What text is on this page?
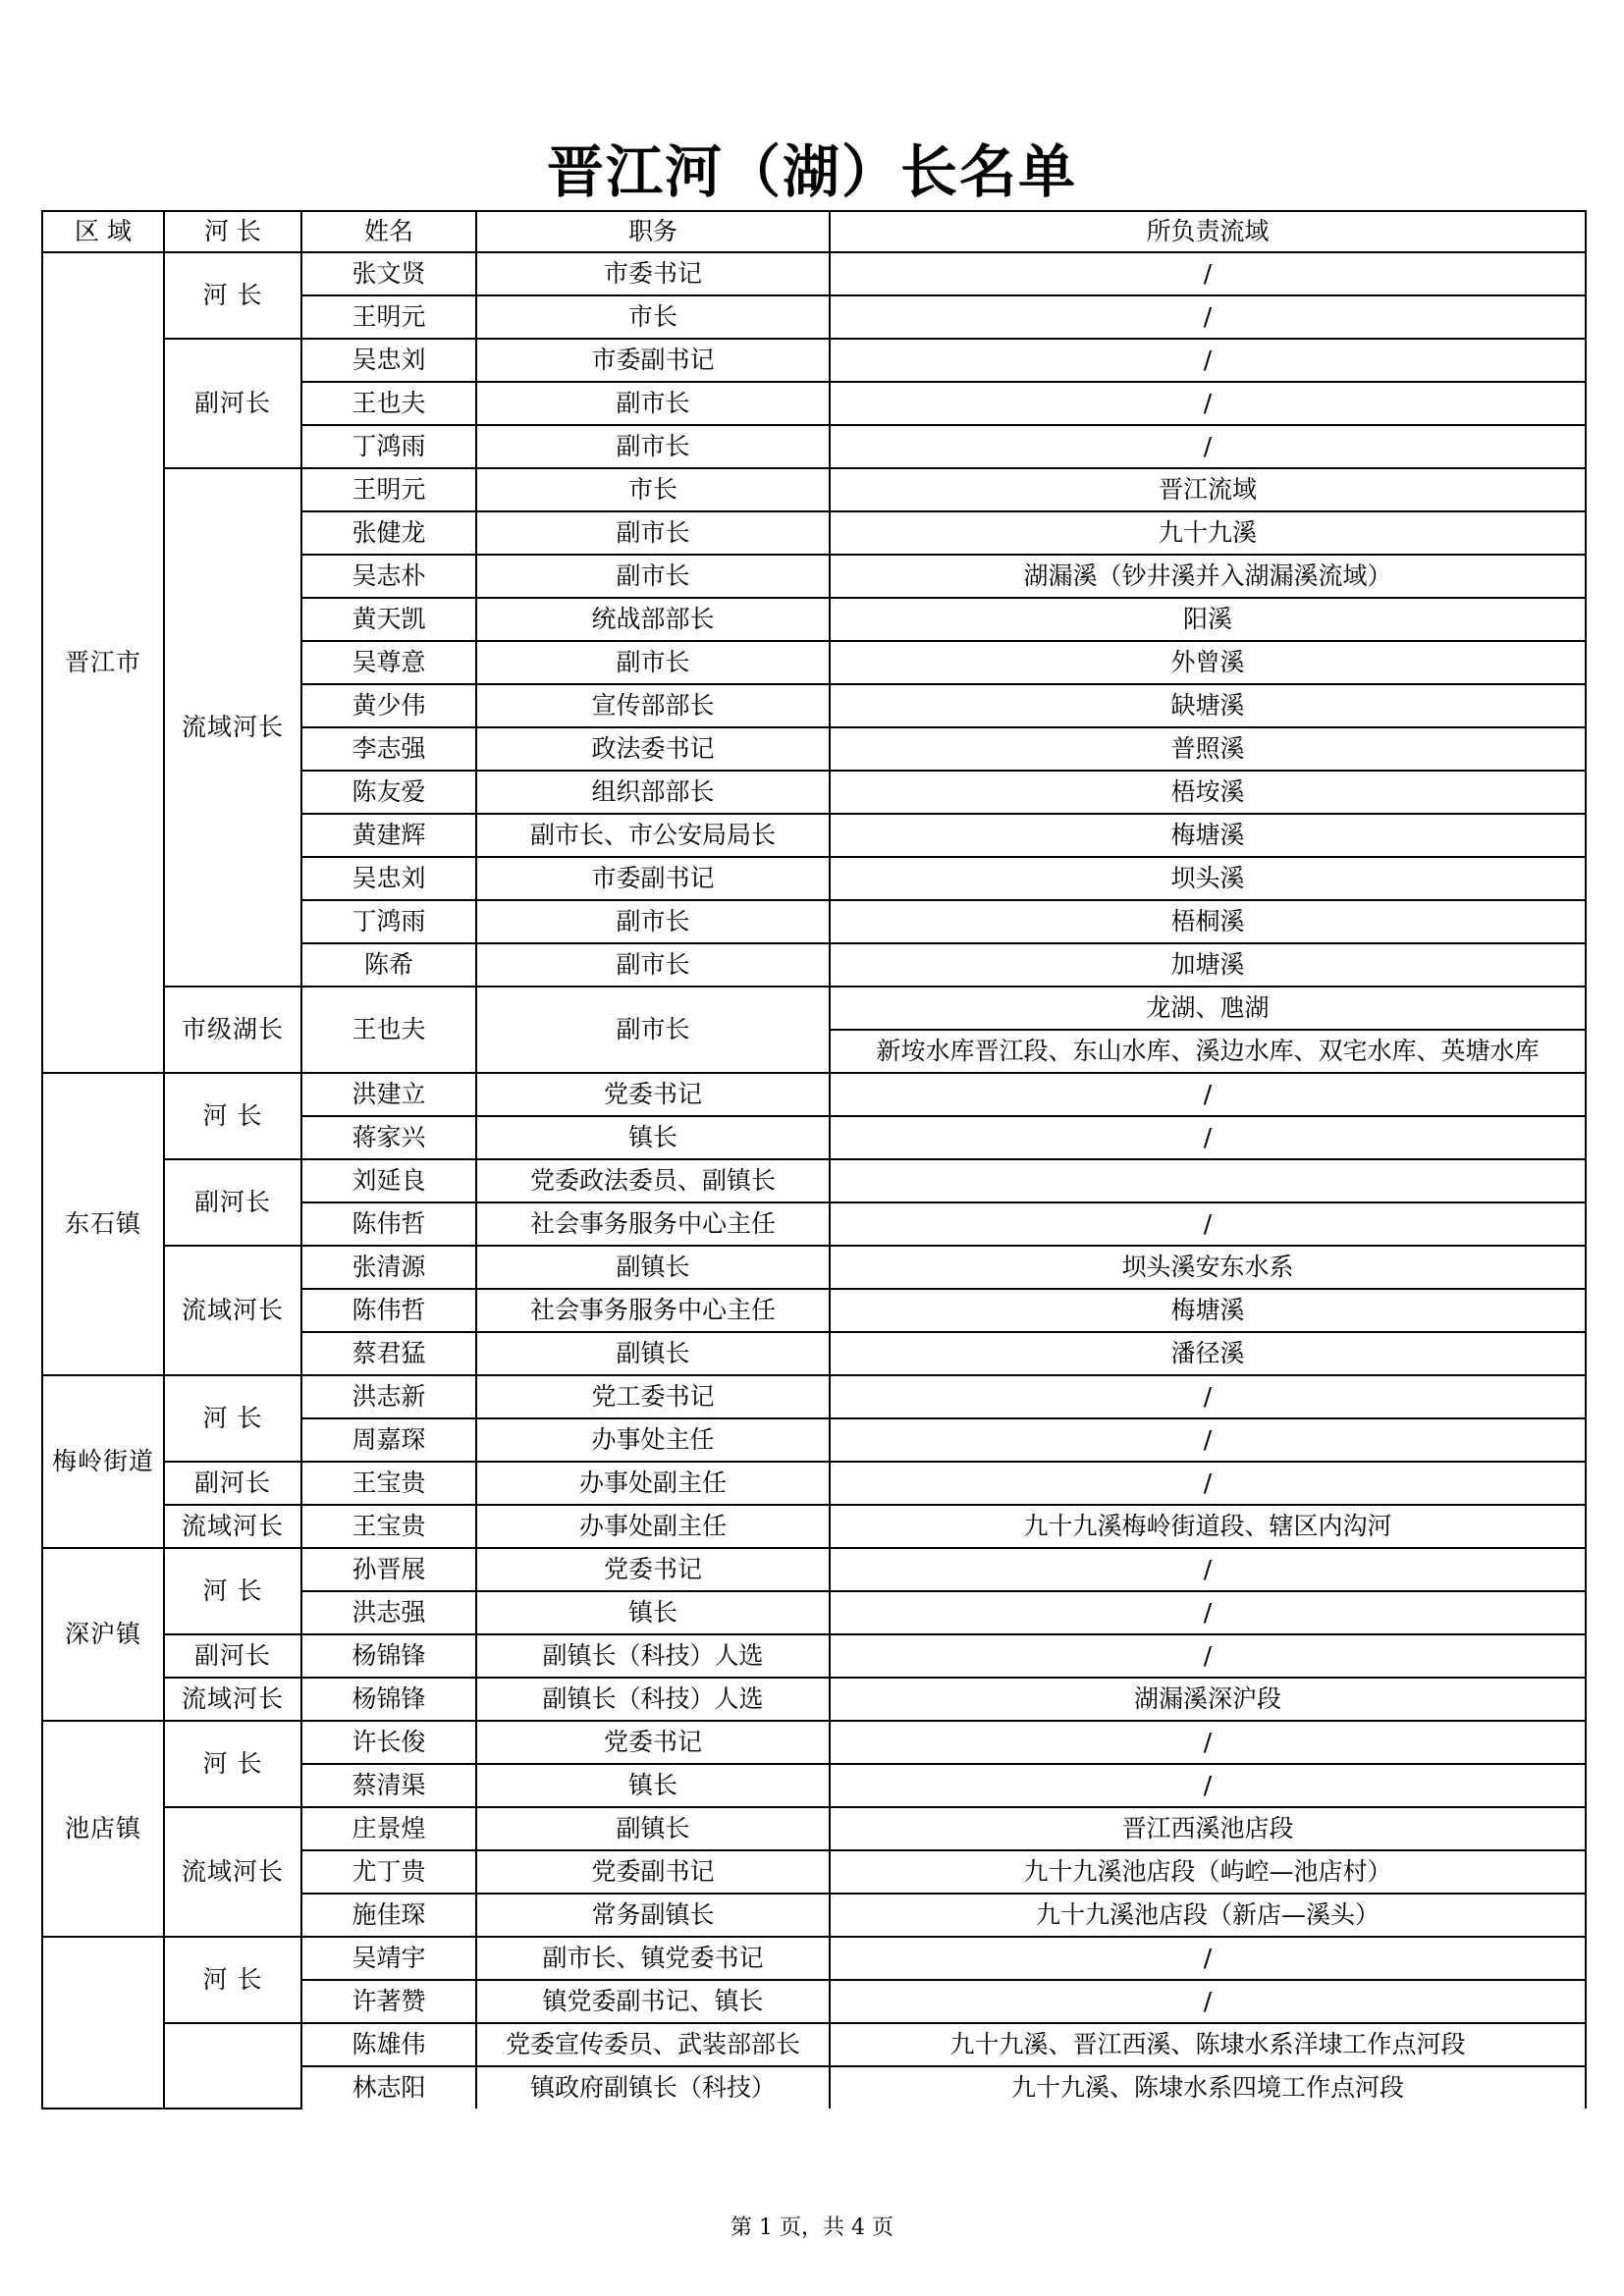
晋江河（湖）长名单
区 域	河 长	姓名	职务	所负责流域
晋江市	河 长	张文贤	市委书记	/
		王明元	市长	/
	副河长	吴忠刘	市委副书记	/
		王也夫	副市长	/
		丁鸿雨	副市长	/
	流域河长	王明元	市长	晋江流域
		张健龙	副市长	九十九溪
		吴志朴	副市长	湖漏溪（钞井溪并入湖漏溪流域）
		黄天凯	统战部部长	阳溪
		吴尊意	副市长	外曾溪
		黄少伟	宣传部部长	缺塘溪
		李志强	政法委书记	普照溪
		陈友爱	组织部部长	梧垵溪
		黄建辉	副市长、市公安局局长	梅塘溪
		吴忠刘	市委副书记	坝头溪
		丁鸿雨	副市长	梧桐溪
		陈希	副市长	加塘溪
	市级湖长	王也夫	副市长	龙湖、虺湖
				新垵水库晋江段、东山水库、溪边水库、双宅水库、英塘水库
东石镇	河 长	洪建立	党委书记	/
		蒋家兴	镇长	/
	副河长	刘延良	党委政法委员、副镇长	
		陈伟哲	社会事务服务中心主任	/
	流域河长	张清源	副镇长	坝头溪安东水系
		陈伟哲	社会事务服务中心主任	梅塘溪
		蔡君猛	副镇长	潘径溪
梅岭街道	河 长	洪志新	党工委书记	/
		周嘉琛	办事处主任	/
	副河长	王宝贵	办事处副主任	/
	流域河长	王宝贵	办事处副主任	九十九溪梅岭街道段、辖区内沟河
深沪镇	河 长	孙晋展	党委书记	/
		洪志强	镇长	/
	副河长	杨锦锋	副镇长（科技）人选	/
	流域河长	杨锦锋	副镇长（科技）人选	湖漏溪深沪段
池店镇	河 长	许长俊	党委书记	/
		蔡清渠	镇长	/
	流域河长	庄景煌	副镇长	晋江西溪池店段
		尤丁贵	党委副书记	九十九溪池店段（屿崆—池店村）
		施佳琛	常务副镇长	九十九溪池店段（新店—溪头）
	河 长	吴靖宇	副市长、镇党委书记	/
		许著赞	镇党委副书记、镇长	/
		陈雄伟	党委宣传委员、武装部部长	九十九溪、晋江西溪、陈埭水系洋埭工作点河段
		林志阳	镇政府副镇长（科技）	九十九溪、陈埭水系四境工作点河段
第 1 页，共 4 页
